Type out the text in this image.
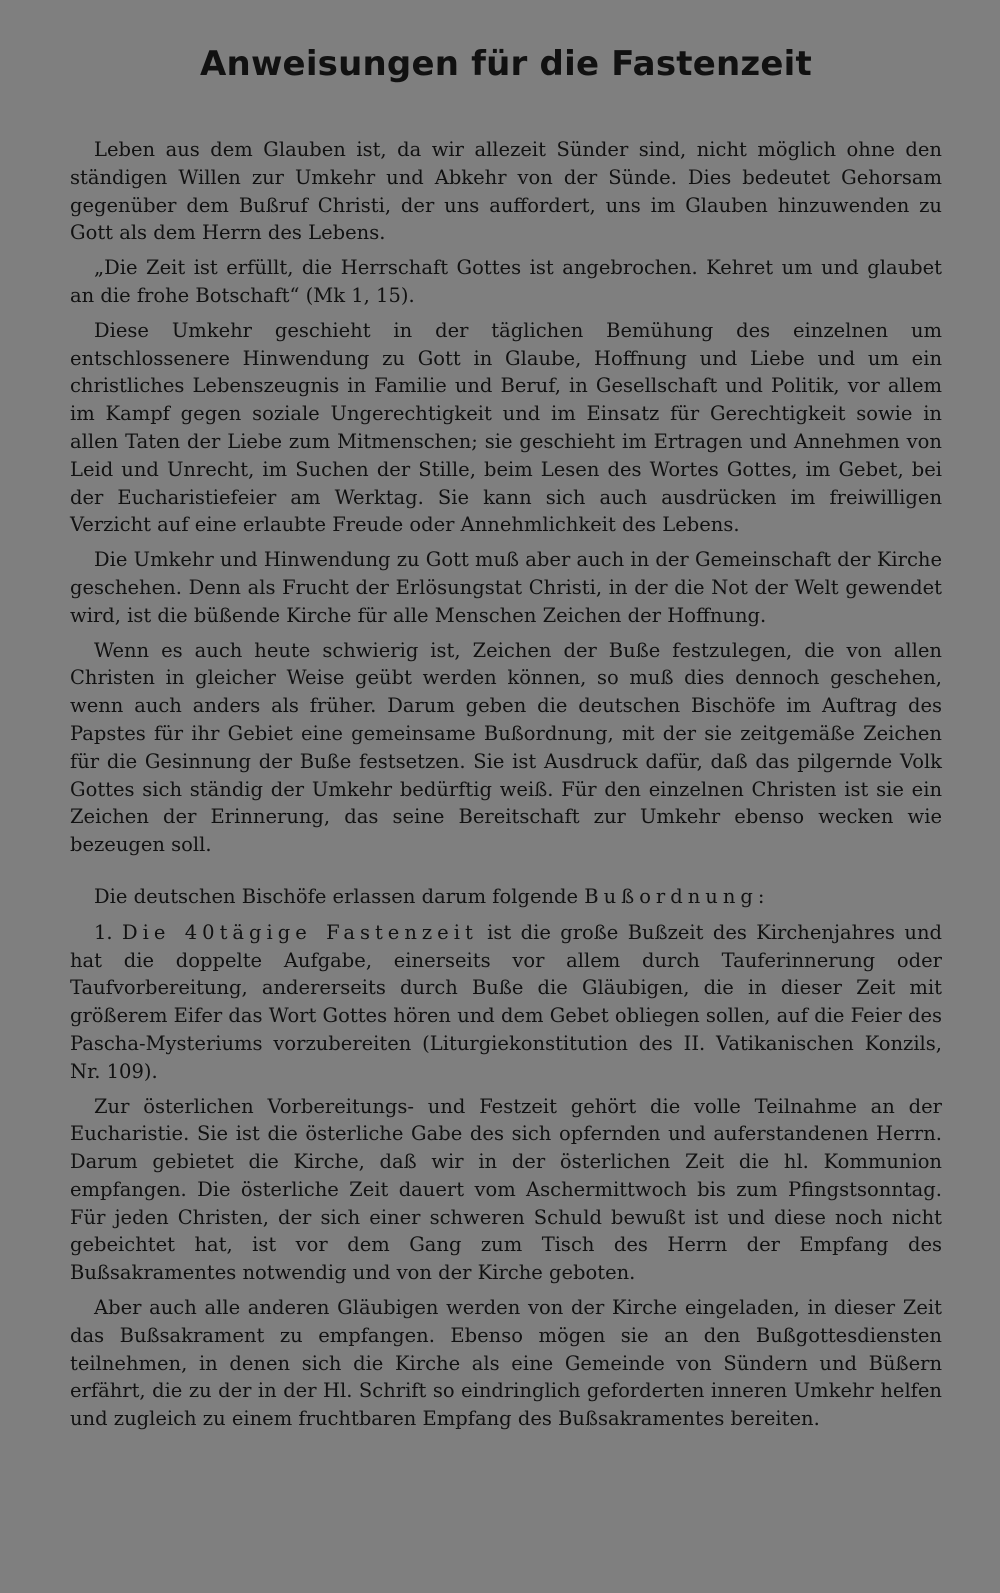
Anweisungen für die Fastenzeit

Leben aus dem Glauben ist, da wir allezeit Sünder sind, nicht möglich ohne den ständigen Willen zur Umkehr und Abkehr von der Sünde. Dies bedeutet Gehorsam gegenüber dem Bußruf Christi, der uns auffordert, uns im Glauben hinzuwenden zu Gott als dem Herrn des Lebens.

„Die Zeit ist erfüllt, die Herrschaft Gottes ist angebrochen. Kehret um und glaubet an die frohe Botschaft“ (Mk 1, 15).

Diese Umkehr geschieht in der täglichen Bemühung des einzelnen um entschlossenere Hinwendung zu Gott in Glaube, Hoffnung und Liebe und um ein christliches Lebenszeugnis in Familie und Beruf, in Gesellschaft und Politik, vor allem im Kampf gegen soziale Ungerechtigkeit und im Einsatz für Gerechtigkeit sowie in allen Taten der Liebe zum Mitmenschen; sie geschieht im Ertragen und Annehmen von Leid und Unrecht, im Suchen der Stille, beim Lesen des Wortes Gottes, im Gebet, bei der Eucharistiefeier am Werktag. Sie kann sich auch ausdrücken im freiwilligen Verzicht auf eine erlaubte Freude oder Annehmlichkeit des Lebens.

Die Umkehr und Hinwendung zu Gott muß aber auch in der Gemeinschaft der Kirche geschehen. Denn als Frucht der Erlösungstat Christi, in der die Not der Welt gewendet wird, ist die büßende Kirche für alle Menschen Zeichen der Hoffnung.

Wenn es auch heute schwierig ist, Zeichen der Buße festzulegen, die von allen Christen in gleicher Weise geübt werden können, so muß dies dennoch geschehen, wenn auch anders als früher. Darum geben die deutschen Bischöfe im Auftrag des Papstes für ihr Gebiet eine gemeinsame Bußordnung, mit der sie zeitgemäße Zeichen für die Gesinnung der Buße festsetzen. Sie ist Ausdruck dafür, daß das pilgernde Volk Gottes sich ständig der Umkehr bedürftig weiß. Für den einzelnen Christen ist sie ein Zeichen der Erinnerung, das seine Bereitschaft zur Umkehr ebenso wecken wie bezeugen soll.

Die deutschen Bischöfe erlassen darum folgende Bußordnung:

1. Die 40tägige Fastenzeit ist die große Bußzeit des Kirchenjahres und hat die doppelte Aufgabe, einerseits vor allem durch Tauferinnerung oder Taufvorbereitung, andererseits durch Buße die Gläubigen, die in dieser Zeit mit größerem Eifer das Wort Gottes hören und dem Gebet obliegen sollen, auf die Feier des Pascha-Mysteriums vorzubereiten (Liturgiekonstitution des II. Vatikanischen Konzils, Nr. 109).

Zur österlichen Vorbereitungs- und Festzeit gehört die volle Teilnahme an der Eucharistie. Sie ist die österliche Gabe des sich opfernden und auferstandenen Herrn. Darum gebietet die Kirche, daß wir in der österlichen Zeit die hl. Kommunion empfangen. Die österliche Zeit dauert vom Aschermittwoch bis zum Pfingstsonntag. Für jeden Christen, der sich einer schweren Schuld bewußt ist und diese noch nicht gebeichtet hat, ist vor dem Gang zum Tisch des Herrn der Empfang des Bußsakramentes notwendig und von der Kirche geboten.

Aber auch alle anderen Gläubigen werden von der Kirche eingeladen, in dieser Zeit das Bußsakrament zu empfangen. Ebenso mögen sie an den Bußgottesdiensten teilnehmen, in denen sich die Kirche als eine Gemeinde von Sündern und Büßern erfährt, die zu der in der Hl. Schrift so eindringlich geforderten inneren Umkehr helfen und zugleich zu einem fruchtbaren Empfang des Bußsakramentes bereiten.
